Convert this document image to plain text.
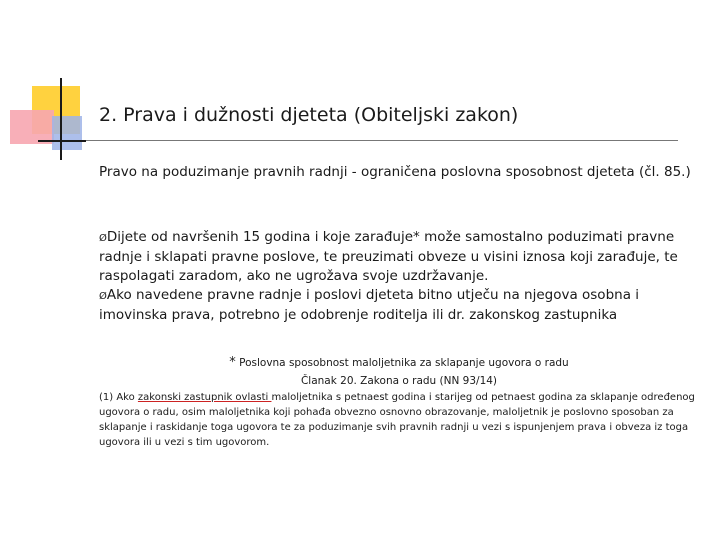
2. Prava i dužnosti djeteta (Obiteljski zakon)
Pravo na poduzimanje pravnih radnji - ograničena poslovna sposobnost djeteta (čl. 85.)

ØDijete od navršenih 15 godina i koje zarađuje* može samostalno poduzimati pravne radnje i sklapati pravne poslove, te preuzimati obveze u visini iznosa koji zarađuje, te raspolagati zaradom, ako ne ugrožava svoje uzdržavanje.

ØAko navedene pravne radnje i poslovi djeteta bitno utječu na njegova osobna i imovinska prava, potrebno je odobrenje roditelja ili dr. zakonskog zastupnika

* Poslovna sposobnost maloljetnika za sklapanje ugovora o radu
Članak 20. Zakona o radu (NN 93/14)
(1) Ako zakonski zastupnik ovlasti maloljetnika s petnaest godina i starijeg od petnaest godina za sklapanje određenog ugovora o radu, osim maloljetnika koji pohađa obvezno osnovno obrazovanje, maloljetnik je poslovno sposoban za sklapanje i raskidanje toga ugovora te za poduzimanje svih pravnih radnji u vezi s ispunjenjem prava i obveza iz toga ugovora ili u vezi s tim ugovorom.
